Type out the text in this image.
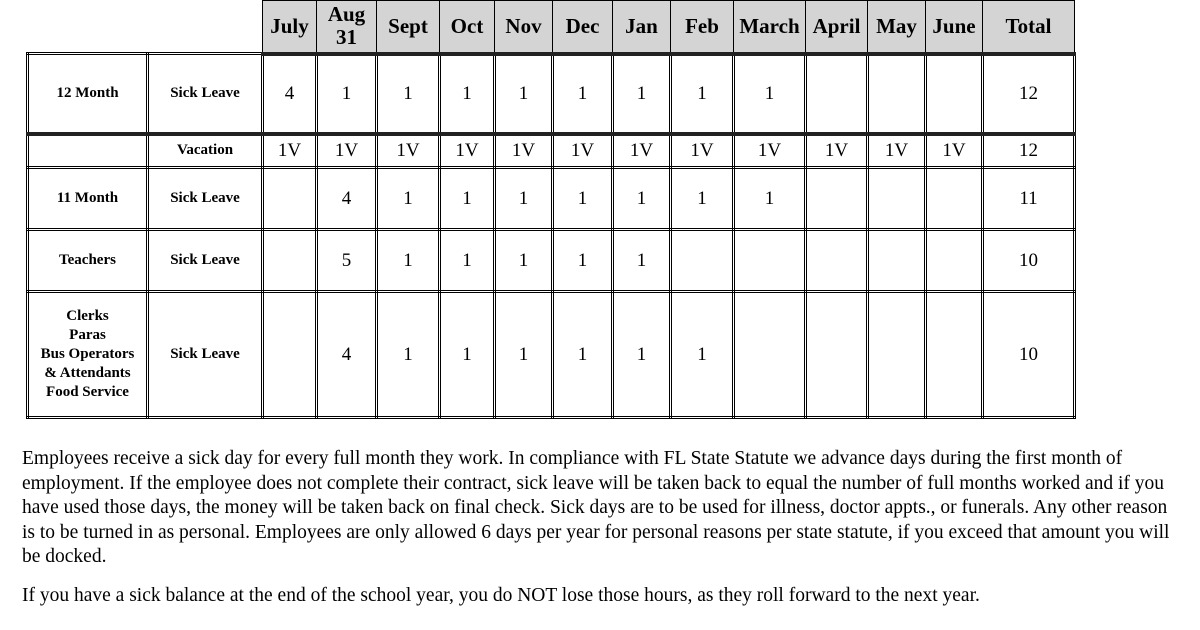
		July	Aug 31	Sept	Oct	Nov	Dec	Jan	Feb	March	April	May	June	Total

12 Month	Sick Leave	4	1	1	1	1	1	1	1	1				12

	Vacation	1V	1V	1V	1V	1V	1V	1V	1V	1V	1V	1V	1V	12

11 Month	Sick Leave		4	1	1	1	1	1	1	1				11

Teachers	Sick Leave		5	1	1	1	1	1						10

Clerks
Paras
Bus Operators
& Attendants
Food Service	Sick Leave		4	1	1	1	1	1	1					10

Employees receive a sick day for every full month they work. In compliance with FL State Statute we advance days during the first month of employment. If the employee does not complete their contract, sick leave will be taken back to equal the number of full months worked and if you have used those days, the money will be taken back on final check. Sick days are to be used for illness, doctor appts., or funerals. Any other reason is to be turned in as personal. Employees are only allowed 6 days per year for personal reasons per state statute, if you exceed that amount you will be docked.

If you have a sick balance at the end of the school year, you do NOT lose those hours, as they roll forward to the next year.
